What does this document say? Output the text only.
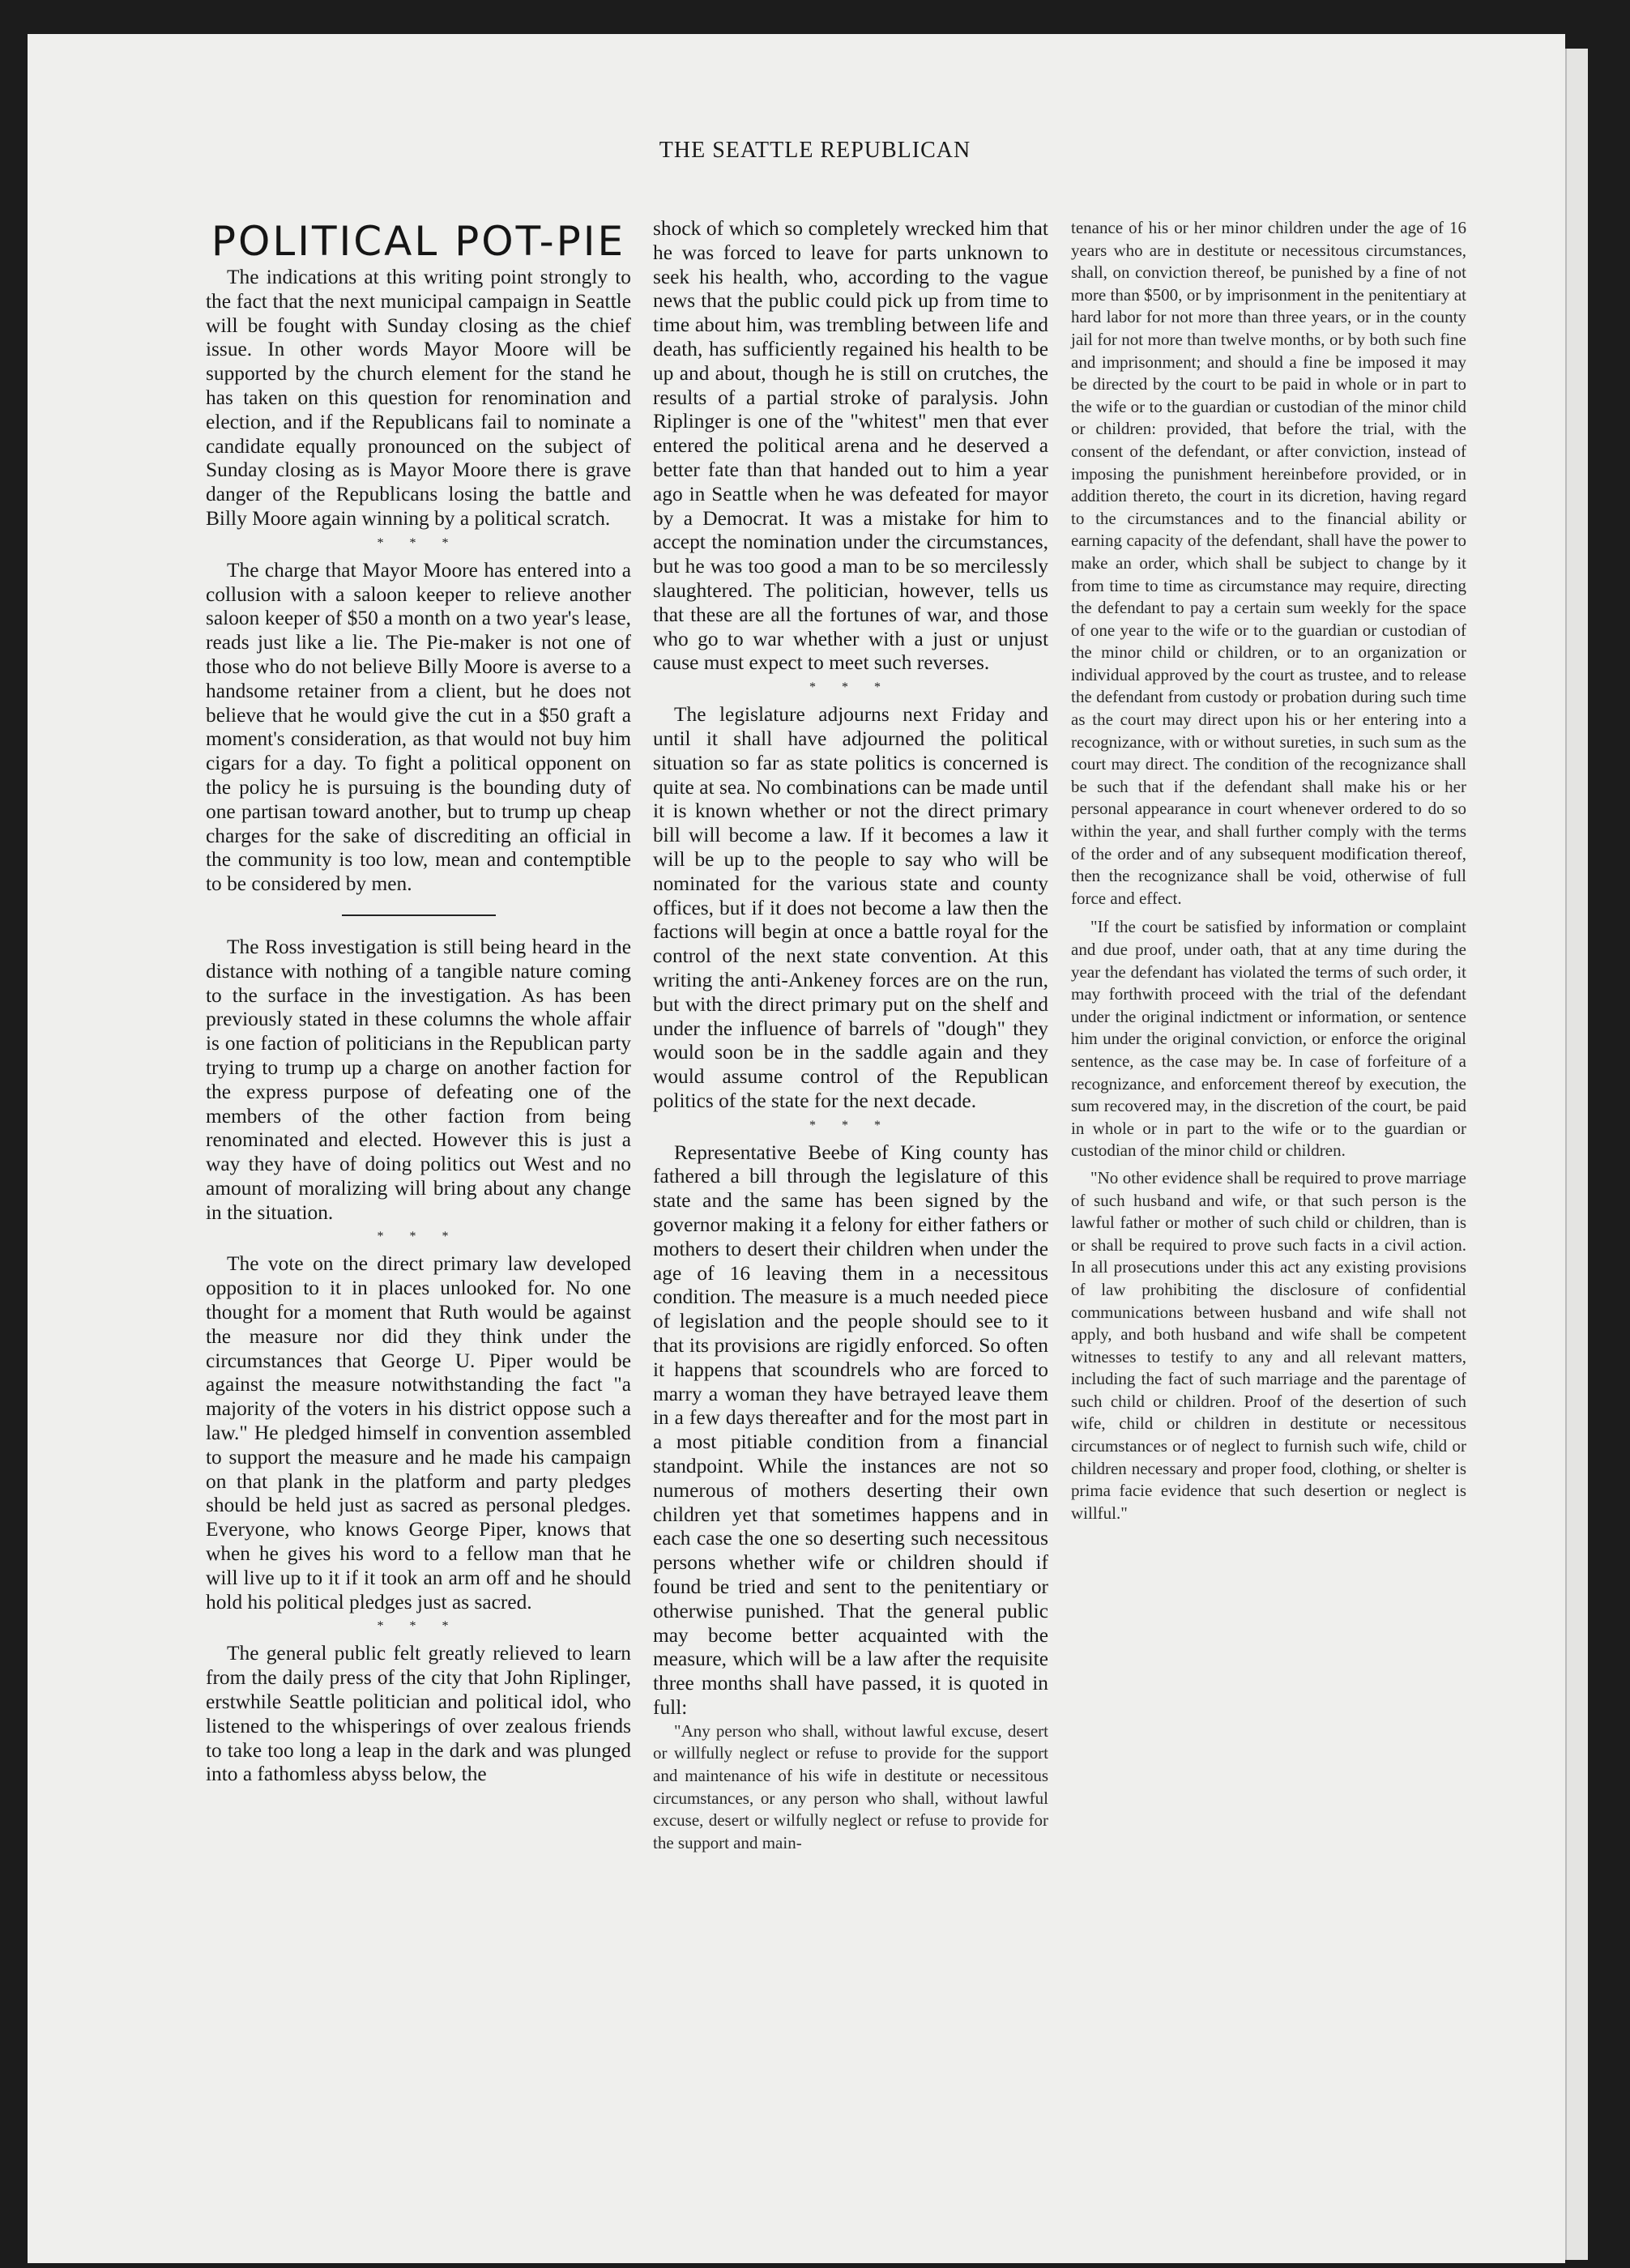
THE SEATTLE REPUBLICAN
POLITICAL POT-PIE

The indications at this writing point strongly to the fact that the next municipal campaign in Seattle will be fought with Sunday closing as the chief issue. In other words Mayor Moore will be supported by the church element for the stand he has taken on this question for renomination and election, and if the Republicans fail to nominate a candidate equally pronounced on the subject of Sunday closing as is Mayor Moore there is grave danger of the Republicans losing the battle and Billy Moore again winning by a political scratch.

* * *

The charge that Mayor Moore has entered into a collusion with a saloon keeper to relieve another saloon keeper of $50 a month on a two year's lease, reads just like a lie. The Pie-maker is not one of those who do not believe Billy Moore is averse to a handsome retainer from a client, but he does not believe that he would give the cut in a $50 graft a moment's consideration, as that would not buy him cigars for a day. To fight a political opponent on the policy he is pursuing is the bounding duty of one partisan toward another, but to trump up cheap charges for the sake of discrediting an official in the community is too low, mean and contemptible to be considered by men.

The Ross investigation is still being heard in the distance with nothing of a tangible nature coming to the surface in the investigation. As has been previously stated in these columns the whole affair is one faction of politicians in the Republican party trying to trump up a charge on another faction for the express purpose of defeating one of the members of the other faction from being renominated and elected. However this is just a way they have of doing politics out West and no amount of moralizing will bring about any change in the situation.

* * *

The vote on the direct primary law developed opposition to it in places unlooked for. No one thought for a moment that Ruth would be against the measure nor did they think under the circumstances that George U. Piper would be against the measure notwithstanding the fact "a majority of the voters in his district oppose such a law." He pledged himself in convention assembled to support the measure and he made his campaign on that plank in the platform and party pledges should be held just as sacred as personal pledges. Everyone, who knows George Piper, knows that when he gives his word to a fellow man that he will live up to it if it took an arm off and he should hold his political pledges just as sacred.

* * *

The general public felt greatly relieved to learn from the daily press of the city that John Riplinger, erstwhile Seattle politician and political idol, who listened to the whisperings of over zealous friends to take too long a leap in the dark and was plunged into a fathomless abyss below, the

shock of which so completely wrecked him that he was forced to leave for parts unknown to seek his health, who, according to the vague news that the public could pick up from time to time about him, was trembling between life and death, has sufficiently regained his health to be up and about, though he is still on crutches, the results of a partial stroke of paralysis. John Riplinger is one of the "whitest" men that ever entered the political arena and he deserved a better fate than that handed out to him a year ago in Seattle when he was defeated for mayor by a Democrat. It was a mistake for him to accept the nomination under the circumstances, but he was too good a man to be so mercilessly slaughtered. The politician, however, tells us that these are all the fortunes of war, and those who go to war whether with a just or unjust cause must expect to meet such reverses.

* * *

The legislature adjourns next Friday and until it shall have adjourned the political situation so far as state politics is concerned is quite at sea. No combinations can be made until it is known whether or not the direct primary bill will become a law. If it becomes a law it will be up to the people to say who will be nominated for the various state and county offices, but if it does not become a law then the factions will begin at once a battle royal for the control of the next state convention. At this writing the anti-Ankeney forces are on the run, but with the direct primary put on the shelf and under the influence of barrels of "dough" they would soon be in the saddle again and they would assume control of the Republican politics of the state for the next decade.

* * *

Representative Beebe of King county has fathered a bill through the legislature of this state and the same has been signed by the governor making it a felony for either fathers or mothers to desert their children when under the age of 16 leaving them in a necessitous condition. The measure is a much needed piece of legislation and the people should see to it that its provisions are rigidly enforced. So often it happens that scoundrels who are forced to marry a woman they have betrayed leave them in a few days thereafter and for the most part in a most pitiable condition from a financial standpoint. While the instances are not so numerous of mothers deserting their own children yet that sometimes happens and in each case the one so deserting such necessitous persons whether wife or children should if found be tried and sent to the penitentiary or otherwise punished. That the general public may become better acquainted with the measure, which will be a law after the requisite three months shall have passed, it is quoted in full:

"Any person who shall, without lawful excuse, desert or willfully neglect or refuse to provide for the support and maintenance of his wife in destitute or necessitous circumstances, or any person who shall, without lawful excuse, desert or wilfully neglect or refuse to provide for the support and main-

tenance of his or her minor children under the age of 16 years who are in destitute or necessitous circumstances, shall, on conviction thereof, be punished by a fine of not more than $500, or by imprisonment in the penitentiary at hard labor for not more than three years, or in the county jail for not more than twelve months, or by both such fine and imprisonment; and should a fine be imposed it may be directed by the court to be paid in whole or in part to the wife or to the guardian or custodian of the minor child or children: provided, that before the trial, with the consent of the defendant, or after conviction, instead of imposing the punishment hereinbefore provided, or in addition thereto, the court in its dicretion, having regard to the circumstances and to the financial ability or earning capacity of the defendant, shall have the power to make an order, which shall be subject to change by it from time to time as circumstance may require, directing the defendant to pay a certain sum weekly for the space of one year to the wife or to the guardian or custodian of the minor child or children, or to an organization or individual approved by the court as trustee, and to release the defendant from custody or probation during such time as the court may direct upon his or her entering into a recognizance, with or without sureties, in such sum as the court may direct. The condition of the recognizance shall be such that if the defendant shall make his or her personal appearance in court whenever ordered to do so within the year, and shall further comply with the terms of the order and of any subsequent modification thereof, then the recognizance shall be void, otherwise of full force and effect.

"If the court be satisfied by information or complaint and due proof, under oath, that at any time during the year the defendant has violated the terms of such order, it may forthwith proceed with the trial of the defendant under the original indictment or information, or sentence him under the original conviction, or enforce the original sentence, as the case may be. In case of forfeiture of a recognizance, and enforcement thereof by execution, the sum recovered may, in the discretion of the court, be paid in whole or in part to the wife or to the guardian or custodian of the minor child or children.

"No other evidence shall be required to prove marriage of such husband and wife, or that such person is the lawful father or mother of such child or children, than is or shall be required to prove such facts in a civil action. In all prosecutions under this act any existing provisions of law prohibiting the disclosure of confidential communications between husband and wife shall not apply, and both husband and wife shall be competent witnesses to testify to any and all relevant matters, including the fact of such marriage and the parentage of such child or children. Proof of the desertion of such wife, child or children in destitute or necessitous circumstances or of neglect to furnish such wife, child or children necessary and proper food, clothing, or shelter is prima facie evidence that such desertion or neglect is willful."
